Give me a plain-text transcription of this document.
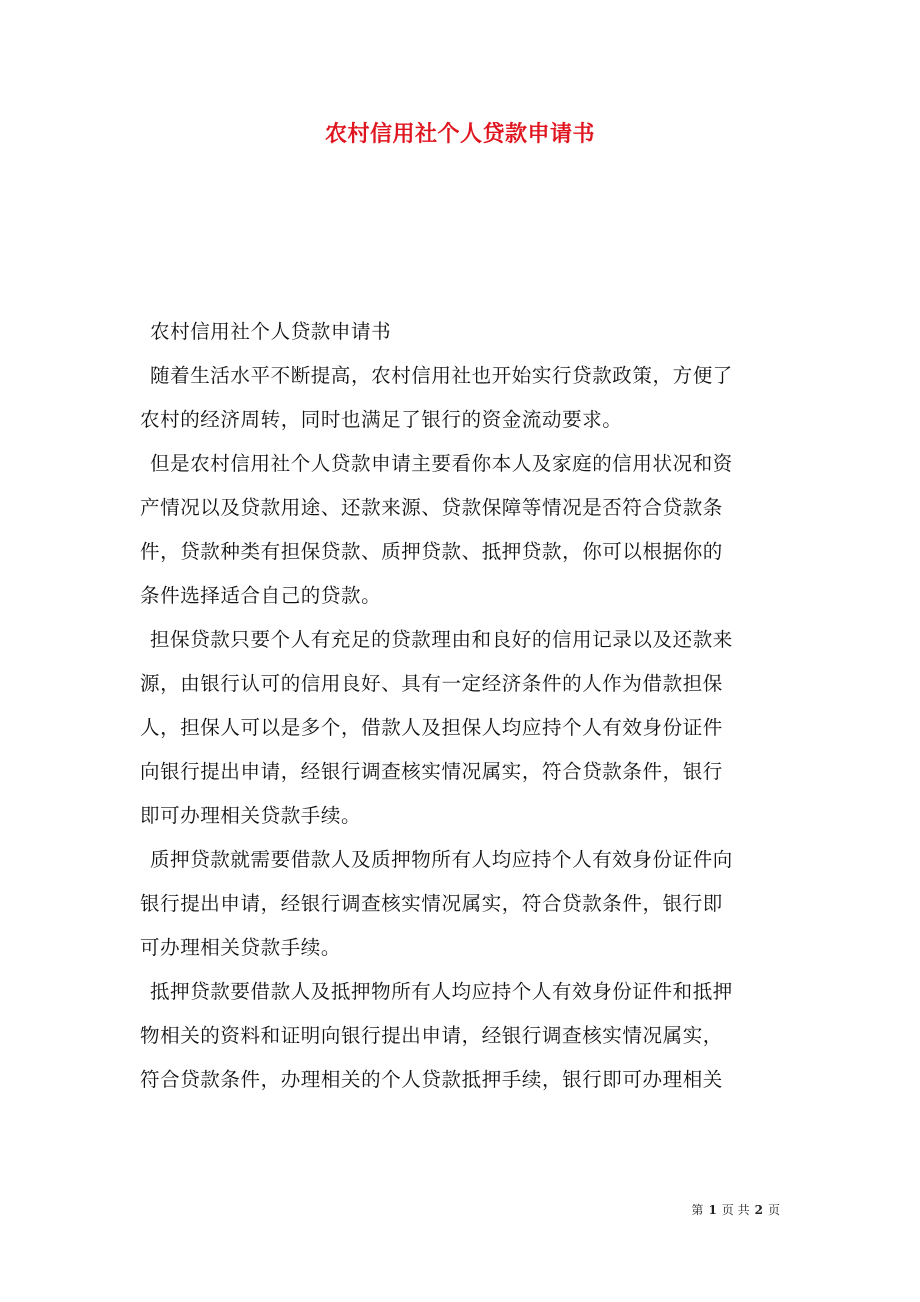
农村信用社个人贷款申请书
农村信用社个人贷款申请书
随着生活水平不断提高，农村信用社也开始实行贷款政策，方便了
农村的经济周转，同时也满足了银行的资金流动要求。
但是农村信用社个人贷款申请主要看你本人及家庭的信用状况和资
产情况以及贷款用途、还款来源、贷款保障等情况是否符合贷款条
件，贷款种类有担保贷款、质押贷款、抵押贷款，你可以根据你的
条件选择适合自己的贷款。
担保贷款只要个人有充足的贷款理由和良好的信用记录以及还款来
源，由银行认可的信用良好、具有一定经济条件的人作为借款担保
人，担保人可以是多个，借款人及担保人均应持个人有效身份证件
向银行提出申请，经银行调查核实情况属实，符合贷款条件，银行
即可办理相关贷款手续。
质押贷款就需要借款人及质押物所有人均应持个人有效身份证件向
银行提出申请，经银行调查核实情况属实，符合贷款条件，银行即
可办理相关贷款手续。
抵押贷款要借款人及抵押物所有人均应持个人有效身份证件和抵押
物相关的资料和证明向银行提出申请，经银行调查核实情况属实，
符合贷款条件，办理相关的个人贷款抵押手续，银行即可办理相关
第 1 页 共 2 页
